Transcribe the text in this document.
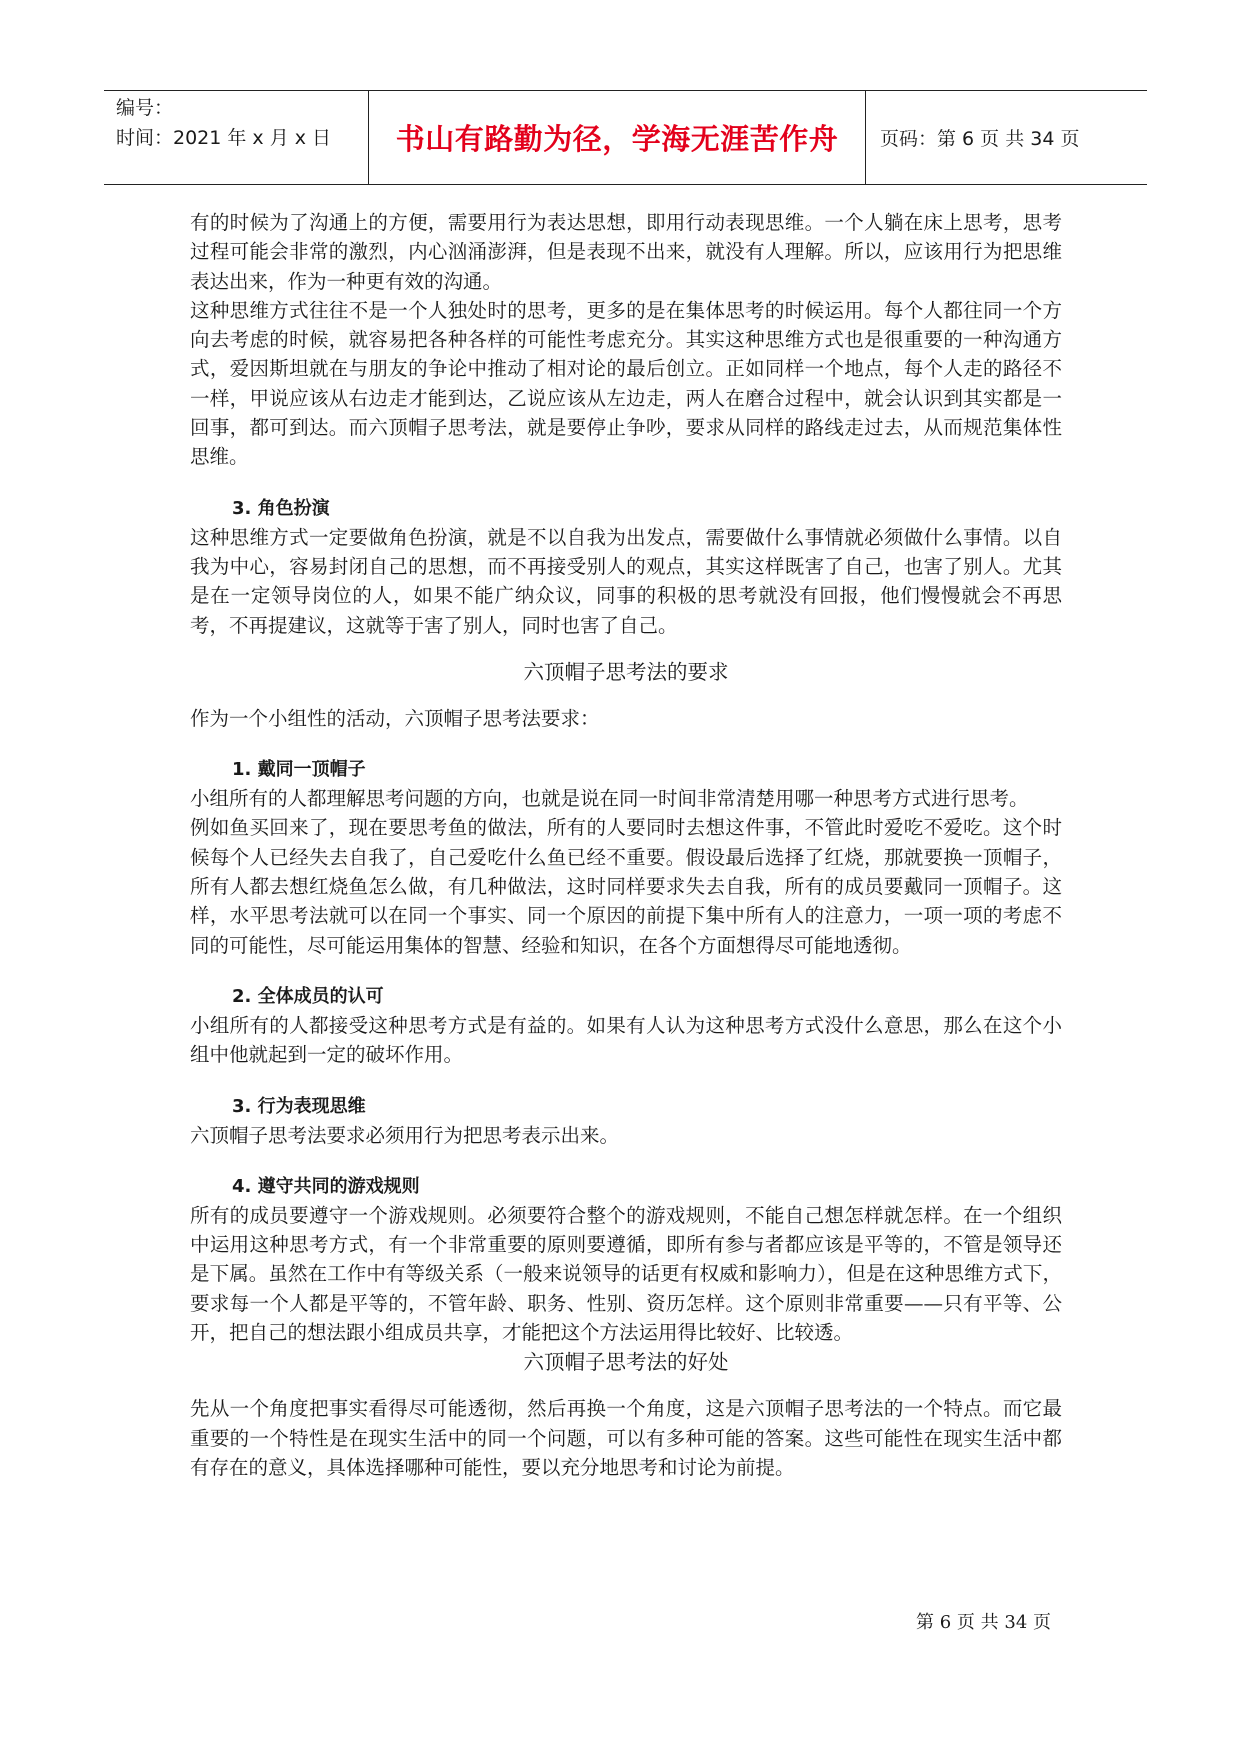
编号：
时间：2021 年 x 月 x 日	书山有路勤为径，学海无涯苦作舟 页码：第 6 页 共 34 页

有的时候为了沟通上的方便，需要用行为表达思想，即用行动表现思维。一个人躺在床上思考，思考过程可能会非常的激烈，内心汹涌澎湃，但是表现不出来，就没有人理解。所以，应该用行为把思维表达出来，作为一种更有效的沟通。

这种思维方式往往不是一个人独处时的思考，更多的是在集体思考的时候运用。每个人都往同一个方向去考虑的时候，就容易把各种各样的可能性考虑充分。其实这种思维方式也是很重要的一种沟通方式，爱因斯坦就在与朋友的争论中推动了相对论的最后创立。正如同样一个地点，每个人走的路径不一样，甲说应该从右边走才能到达，乙说应该从左边走，两人在磨合过程中，就会认识到其实都是一回事，都可到达。而六顶帽子思考法，就是要停止争吵，要求从同样的路线走过去，从而规范集体性思维。

3. 角色扮演

这种思维方式一定要做角色扮演，就是不以自我为出发点，需要做什么事情就必须做什么事情。以自我为中心，容易封闭自己的思想，而不再接受别人的观点，其实这样既害了自己，也害了别人。尤其是在一定领导岗位的人，如果不能广纳众议，同事的积极的思考就没有回报，他们慢慢就会不再思考，不再提建议，这就等于害了别人，同时也害了自己。

六顶帽子思考法的要求

作为一个小组性的活动，六顶帽子思考法要求：

1. 戴同一顶帽子

小组所有的人都理解思考问题的方向，也就是说在同一时间非常清楚用哪一种思考方式进行思考。

例如鱼买回来了，现在要思考鱼的做法，所有的人要同时去想这件事，不管此时爱吃不爱吃。这个时候每个人已经失去自我了，自己爱吃什么鱼已经不重要。假设最后选择了红烧，那就要换一顶帽子，所有人都去想红烧鱼怎么做，有几种做法，这时同样要求失去自我，所有的成员要戴同一顶帽子。这样，水平思考法就可以在同一个事实、同一个原因的前提下集中所有人的注意力，一项一项的考虑不同的可能性，尽可能运用集体的智慧、经验和知识，在各个方面想得尽可能地透彻。

2. 全体成员的认可

小组所有的人都接受这种思考方式是有益的。如果有人认为这种思考方式没什么意思，那么在这个小组中他就起到一定的破坏作用。

3. 行为表现思维

六顶帽子思考法要求必须用行为把思考表示出来。

4. 遵守共同的游戏规则

所有的成员要遵守一个游戏规则。必须要符合整个的游戏规则，不能自己想怎样就怎样。在一个组织中运用这种思考方式，有一个非常重要的原则要遵循，即所有参与者都应该是平等的，不管是领导还是下属。虽然在工作中有等级关系（一般来说领导的话更有权威和影响力），但是在这种思维方式下，要求每一个人都是平等的，不管年龄、职务、性别、资历怎样。这个原则非常重要——只有平等、公开，把自己的想法跟小组成员共享，才能把这个方法运用得比较好、比较透。

六顶帽子思考法的好处

先从一个角度把事实看得尽可能透彻，然后再换一个角度，这是六顶帽子思考法的一个特点。而它最重要的一个特性是在现实生活中的同一个问题，可以有多种可能的答案。这些可能性在现实生活中都有存在的意义，具体选择哪种可能性，要以充分地思考和讨论为前提。

第 6 页 共 34 页
